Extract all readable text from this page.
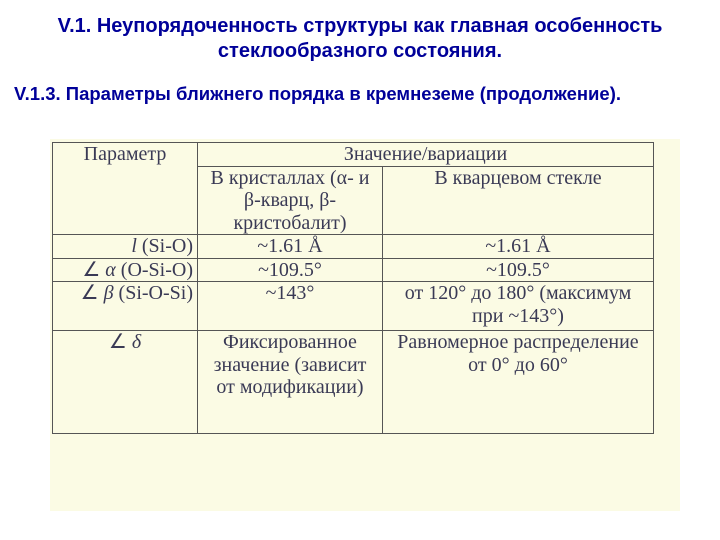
V.1. Неупорядоченность структуры как главная особенность
стеклообразного состояния.
V.1.3. Параметры ближнего порядка в кремнеземе (продолжение).
Параметр	Значение/вариации	
	В кристаллах (α- и β-кварц, β-кристобалит)	В кварцевом стекле
l (Si-O)	~1.61 Å	~1.61 Å
∠ α (O-Si-O)	~109.5°	~109.5°
∠ β (Si-O-Si)	~143°	от 120° до 180° (максимум при ~143°)
∠ δ	Фиксированное значение (зависит от модификации)	Равномерное распределение от 0° до 60°
